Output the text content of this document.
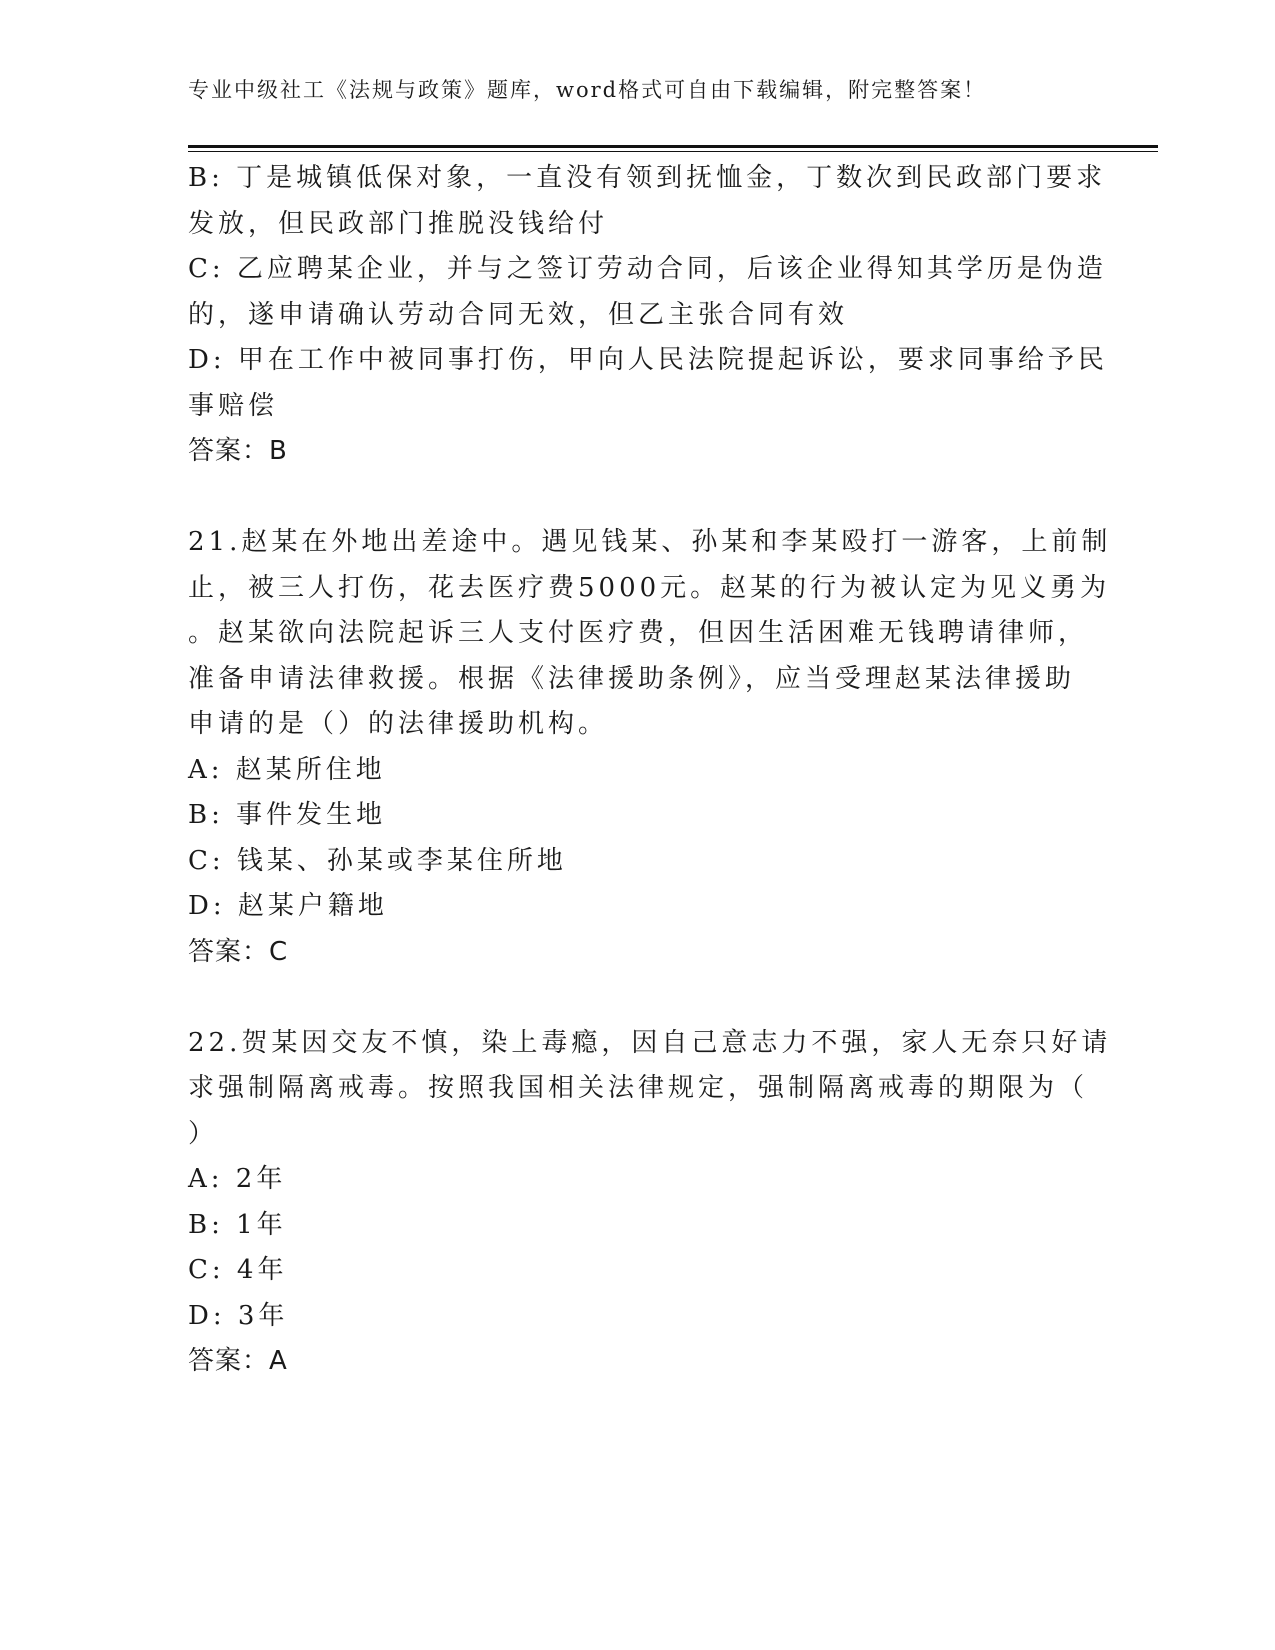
专业中级社工《法规与政策》题库，word格式可自由下载编辑，附完整答案！
B: 丁是城镇低保对象，一直没有领到抚恤金，丁数次到民政部门要求
发放，但民政部门推脱没钱给付
C: 乙应聘某企业，并与之签订劳动合同，后该企业得知其学历是伪造
的，遂申请确认劳动合同无效，但乙主张合同有效
D: 甲在工作中被同事打伤，甲向人民法院提起诉讼，要求同事给予民
事赔偿
答案：B
21.赵某在外地出差途中。遇见钱某、孙某和李某殴打一游客，上前制
止，被三人打伤，花去医疗费5000元。赵某的行为被认定为见义勇为
。赵某欲向法院起诉三人支付医疗费，但因生活困难无钱聘请律师，
准备申请法律救援。根据《法律援助条例》，应当受理赵某法律援助
申请的是（）的法律援助机构。
A: 赵某所住地
B: 事件发生地
C: 钱某、孙某或李某住所地
D: 赵某户籍地
答案：C
22.贺某因交友不慎，染上毒瘾，因自己意志力不强，家人无奈只好请
求强制隔离戒毒。按照我国相关法律规定，强制隔离戒毒的期限为（
）
A: 2年
B: 1年
C: 4年
D: 3年
答案：A
